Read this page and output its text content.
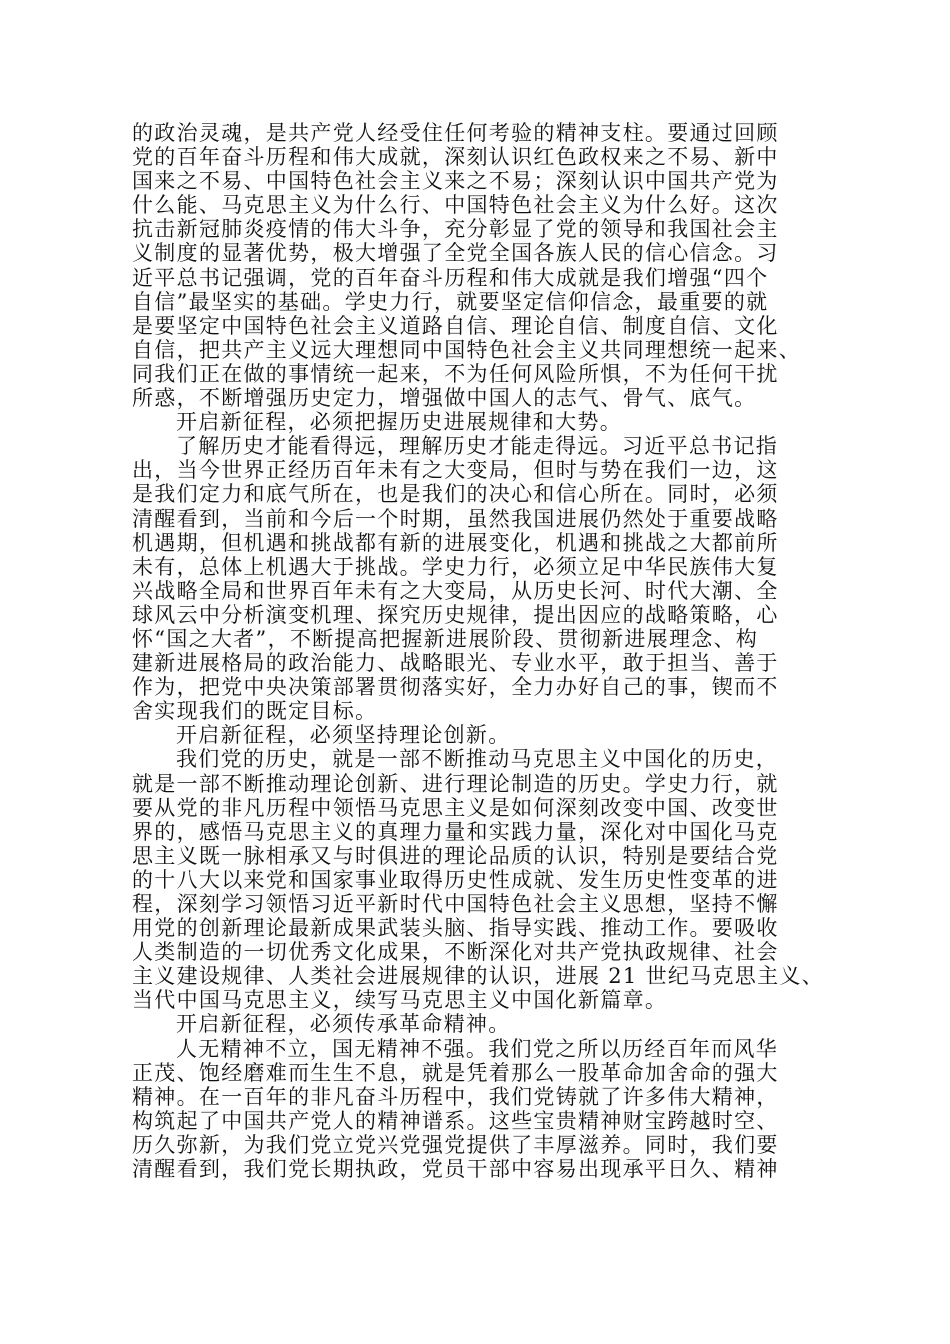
的政治灵魂，是共产党人经受住任何考验的精神支柱。要通过回顾
党的百年奋斗历程和伟大成就，深刻认识红色政权来之不易、新中
国来之不易、中国特色社会主义来之不易；深刻认识中国共产党为
什么能、马克思主义为什么行、中国特色社会主义为什么好。这次
抗击新冠肺炎疫情的伟大斗争，充分彰显了党的领导和我国社会主
义制度的显著优势，极大增强了全党全国各族人民的信心信念。习
近平总书记强调，党的百年奋斗历程和伟大成就是我们增强“四个
自信”最坚实的基础。学史力行，就要坚定信仰信念，最重要的就
是要坚定中国特色社会主义道路自信、理论自信、制度自信、文化
自信，把共产主义远大理想同中国特色社会主义共同理想统一起来、
同我们正在做的事情统一起来，不为任何风险所惧，不为任何干扰
所惑，不断增强历史定力，增强做中国人的志气、骨气、底气。
开启新征程，必须把握历史进展规律和大势。
了解历史才能看得远，理解历史才能走得远。习近平总书记指
出，当今世界正经历百年未有之大变局，但时与势在我们一边，这
是我们定力和底气所在，也是我们的决心和信心所在。同时，必须
清醒看到，当前和今后一个时期，虽然我国进展仍然处于重要战略
机遇期，但机遇和挑战都有新的进展变化，机遇和挑战之大都前所
未有，总体上机遇大于挑战。学史力行，必须立足中华民族伟大复
兴战略全局和世界百年未有之大变局，从历史长河、时代大潮、全
球风云中分析演变机理、探究历史规律，提出因应的战略策略，心
怀“国之大者”，不断提高把握新进展阶段、贯彻新进展理念、构
建新进展格局的政治能力、战略眼光、专业水平，敢于担当、善于
作为，把党中央决策部署贯彻落实好，全力办好自己的事，锲而不
舍实现我们的既定目标。
开启新征程，必须坚持理论创新。
我们党的历史，就是一部不断推动马克思主义中国化的历史，
就是一部不断推动理论创新、进行理论制造的历史。学史力行，就
要从党的非凡历程中领悟马克思主义是如何深刻改变中国、改变世
界的，感悟马克思主义的真理力量和实践力量，深化对中国化马克
思主义既一脉相承又与时俱进的理论品质的认识，特别是要结合党
的十八大以来党和国家事业取得历史性成就、发生历史性变革的进
程，深刻学习领悟习近平新时代中国特色社会主义思想，坚持不懈
用党的创新理论最新成果武装头脑、指导实践、推动工作。要吸收
人类制造的一切优秀文化成果，不断深化对共产党执政规律、社会
主义建设规律、人类社会进展规律的认识，进展 21 世纪马克思主义、
当代中国马克思主义，续写马克思主义中国化新篇章。
开启新征程，必须传承革命精神。
人无精神不立，国无精神不强。我们党之所以历经百年而风华
正茂、饱经磨难而生生不息，就是凭着那么一股革命加舍命的强大
精神。在一百年的非凡奋斗历程中，我们党铸就了许多伟大精神，
构筑起了中国共产党人的精神谱系。这些宝贵精神财宝跨越时空、
历久弥新，为我们党立党兴党强党提供了丰厚滋养。同时，我们要
清醒看到，我们党长期执政，党员干部中容易出现承平日久、精神
